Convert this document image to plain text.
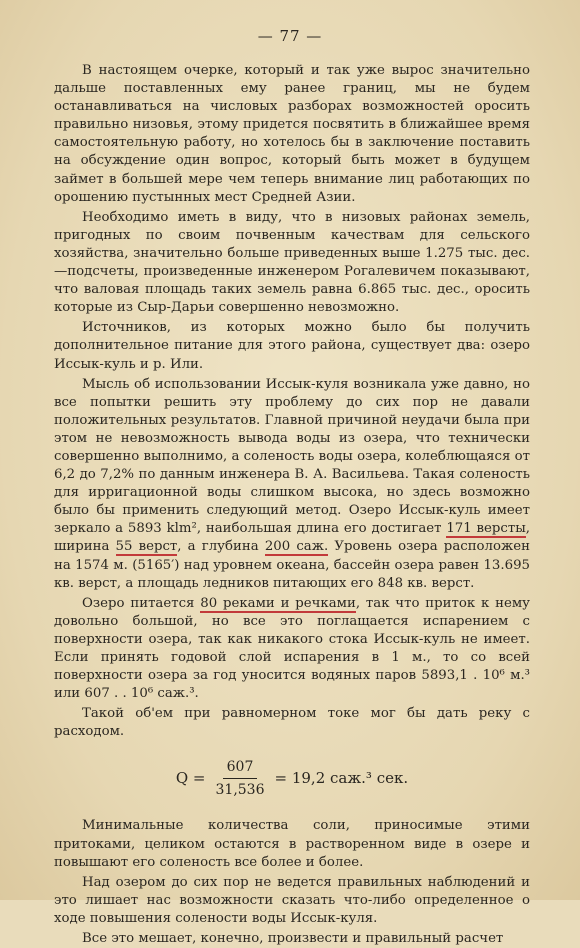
— 77 —

В настоящем очерке, который и так уже вырос значительно дальше поставленных ему ранее границ, мы не будем останавливаться на числовых разборах возможностей оросить правильно низовья, этому придется посвятить в ближайшее время самостоятельную работу, но хотелось бы в заключение поставить на обсуждение один вопрос, который быть может в будущем займет в большей мере чем теперь внимание лиц работающих по орошению пустынных мест Средней Азии.

Необходимо иметь в виду, что в низовых районах земель, пригодных по своим почвенным качествам для сельского хозяйства, значительно больше приведенных выше 1.275 тыс. дес.—подсчеты, произведенные инженером Рогалевичем показывают, что валовая площадь таких земель равна 6.865 тыс. дес., оросить которые из Сыр-Дарьи совершенно невозможно.

Источников, из которых можно было бы получить дополнительное питание для этого района, существует два: озеро Иссык-куль и р. Или.

Мысль об использовании Иссык-куля возникала уже давно, но все попытки решить эту проблему до сих пор не давали положительных результатов. Главной причиной неудачи была при этом не невозможность вывода воды из озера, что технически совершенно выполнимо, а соленость воды озера, колеблющаяся от 6,2 до 7,2% по данным инженера В. А. Васильева. Такая соленость для ирригационной воды слишком высока, но здесь возможно было бы применить следующий метод. Озеро Иссык-куль имеет зеркало а 5893 klm², наибольшая длина его достигает 171 версты, ширина 55 верст, а глубина 200 саж. Уровень озера расположен на 1574 м. (5165′) над уровнем океана, бассейн озера равен 13.695 кв. верст, а площадь ледников питающих его 848 кв. верст.

Озеро питается 80 реками и речками, так что приток к нему довольно большой, но все это поглащается испарением с поверхности озера, так как никакого стока Иссык-куль не имеет. Если принять годовой слой испарения в 1 м., то со всей поверхности озера за год уносится водяных паров 5893,1 . 10⁶ м.³ или 607 . . 10⁶ саж.³.

Такой об'ем при равномерном токе мог бы дать реку с расходом.

$Q = \frac{607}{31,536} = 19,2$ саж.³ сек.

Минимальные количества соли, приносимые этими притоками, целиком остаются в растворенном виде в озере и повышают его соленость все более и более.

Над озером до сих пор не ведется правильных наблюдений и это лишает нас возможности сказать что-либо определенное о ходе повышения солености воды Иссык-куля.

Все это мешает, конечно, произвести и правильный расчет
